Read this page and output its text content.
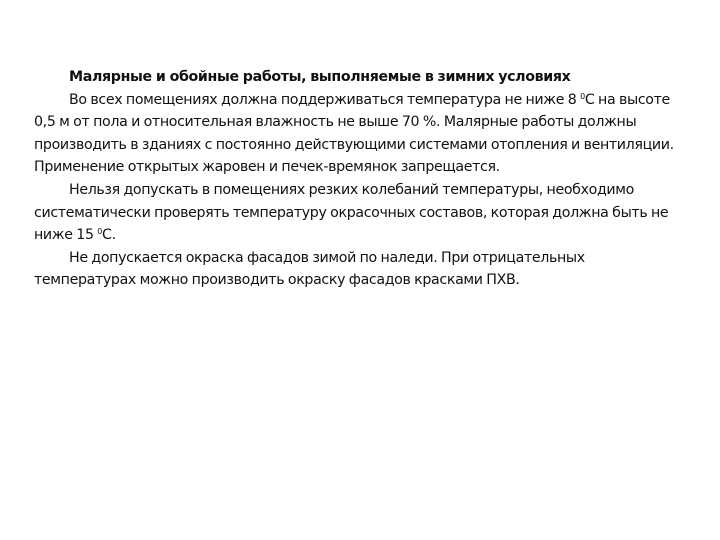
Малярные и обойные работы, выполняемые в зимних условиях

Во всех помещениях должна поддерживаться температура не ниже 8 $^0$С на высоте 0,5 м от пола и относительная влажность не выше 70 %. Малярные работы должны производить в зданиях с постоянно действующими системами отопления и вентиляции. Применение открытых жаровен и печек-времянок запрещается.

Нельзя допускать в помещениях резких колебаний температуры, необходимо систематически проверять температуру окрасочных составов, которая должна быть не ниже 15 $^0$С.

Не допускается окраска фасадов зимой по наледи. При отрицательных температурах можно производить окраску фасадов красками ПХВ.
